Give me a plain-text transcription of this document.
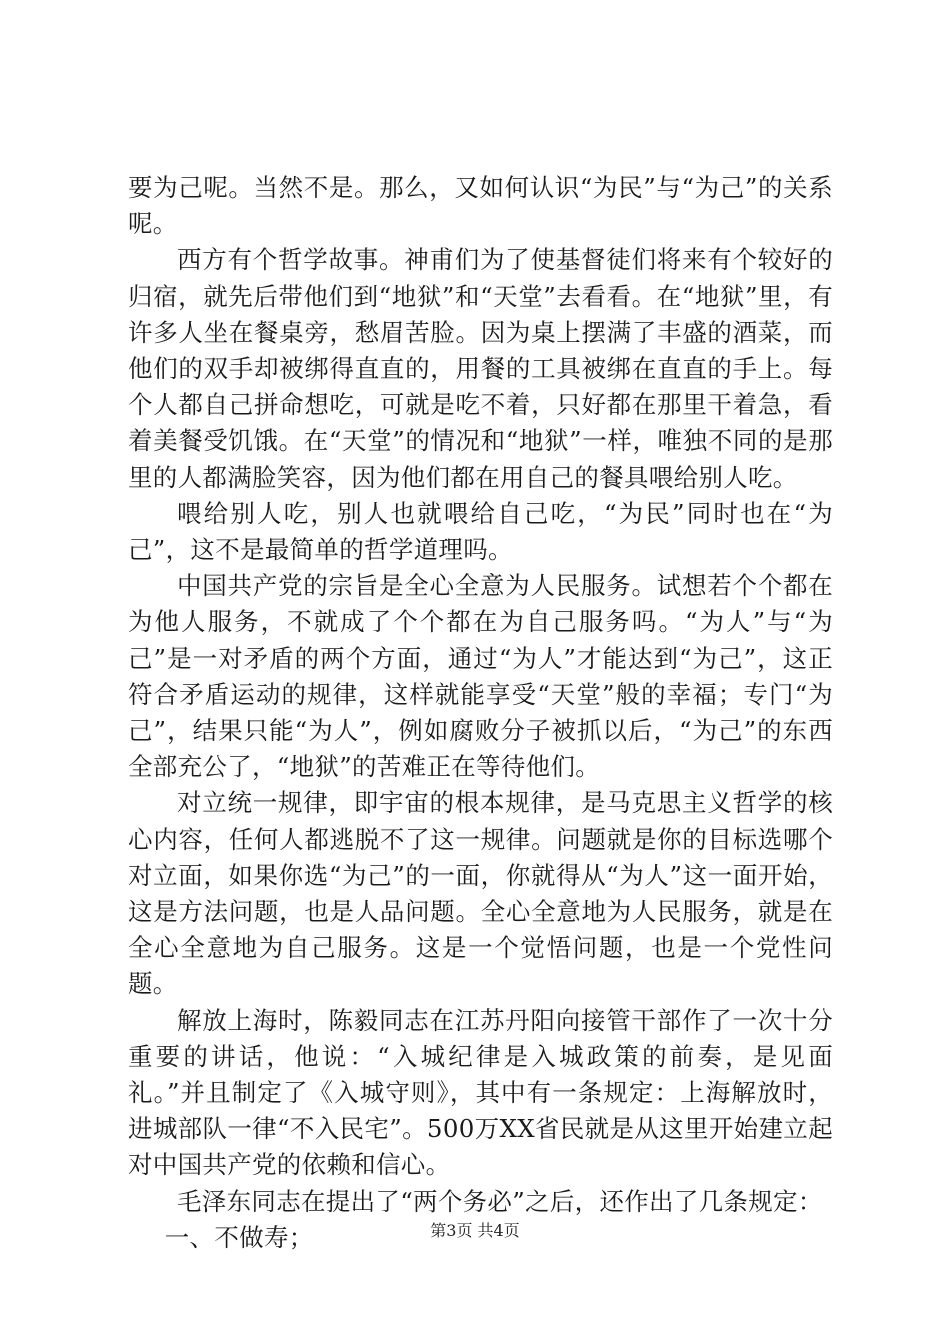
要为己呢。当然不是。那么，又如何认识“为民”与“为己”的关系呢。

西方有个哲学故事。神甫们为了使基督徒们将来有个较好的归宿，就先后带他们到“地狱”和“天堂”去看看。在“地狱”里，有许多人坐在餐桌旁，愁眉苦脸。因为桌上摆满了丰盛的酒菜，而他们的双手却被绑得直直的，用餐的工具被绑在直直的手上。每个人都自己拼命想吃，可就是吃不着，只好都在那里干着急，看着美餐受饥饿。在“天堂”的情况和“地狱”一样，唯独不同的是那里的人都满脸笑容，因为他们都在用自己的餐具喂给别人吃。

喂给别人吃，别人也就喂给自己吃，“为民”同时也在“为己”，这不是最简单的哲学道理吗。

中国共产党的宗旨是全心全意为人民服务。试想若个个都在为他人服务，不就成了个个都在为自己服务吗。“为人”与“为己”是一对矛盾的两个方面，通过“为人”才能达到“为己”，这正符合矛盾运动的规律，这样就能享受“天堂”般的幸福；专门“为己”，结果只能“为人”，例如腐败分子被抓以后，“为己”的东西全部充公了，“地狱”的苦难正在等待他们。

对立统一规律，即宇宙的根本规律，是马克思主义哲学的核心内容，任何人都逃脱不了这一规律。问题就是你的目标选哪个对立面，如果你选“为己”的一面，你就得从“为人”这一面开始，这是方法问题，也是人品问题。全心全意地为人民服务，就是在全心全意地为自己服务。这是一个觉悟问题，也是一个党性问题。

解放上海时，陈毅同志在江苏丹阳向接管干部作了一次十分重要的讲话，他说：“入城纪律是入城政策的前奏，是见面礼。”并且制定了《入城守则》，其中有一条规定：上海解放时，进城部队一律“不入民宅”。500万XX省民就是从这里开始建立起对中国共产党的依赖和信心。

毛泽东同志在提出了“两个务必”之后，还作出了几条规定：

一、不做寿；	第3页 共4页
